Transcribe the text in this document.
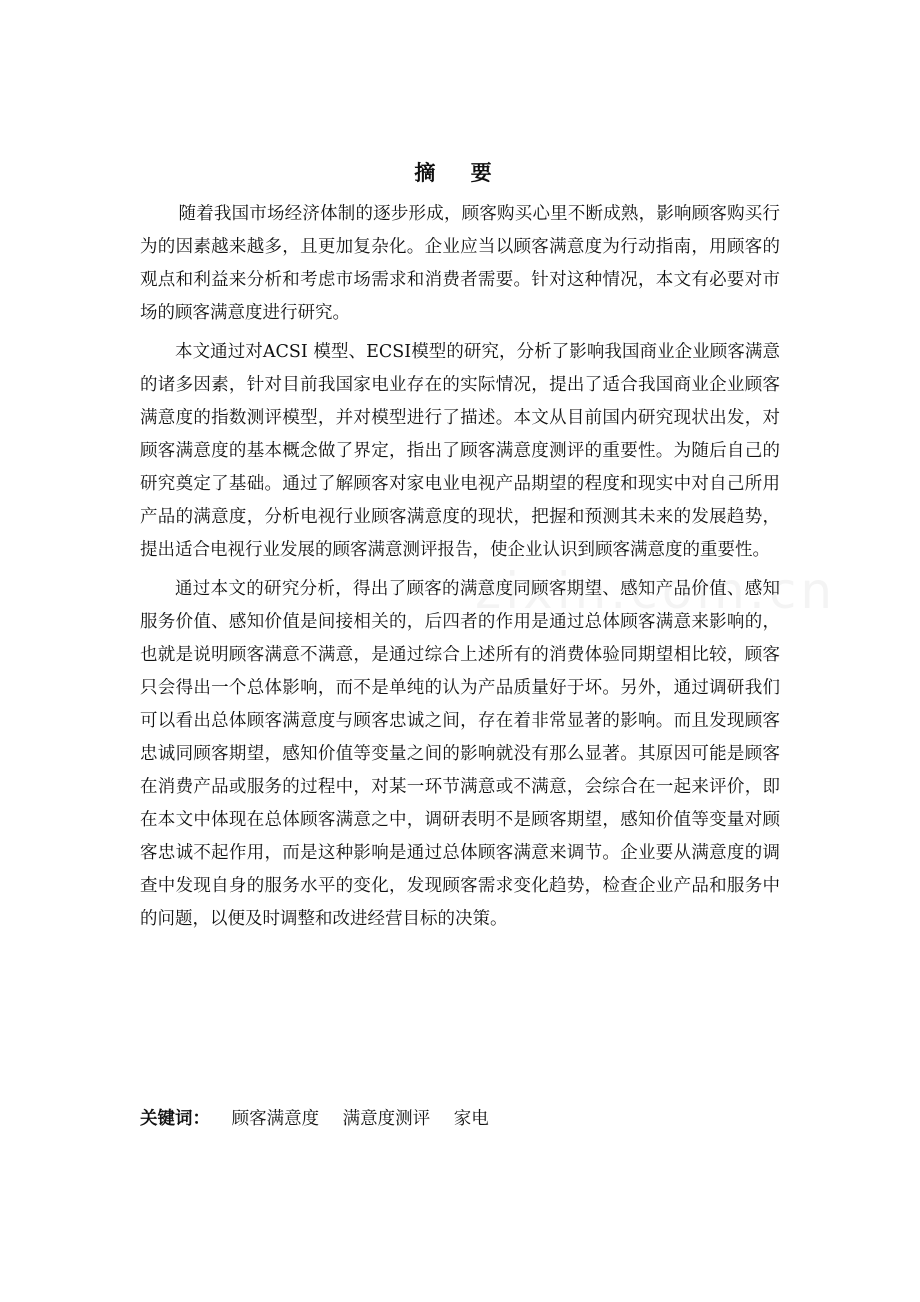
摘 要

随着我国市场经济体制的逐步形成，顾客购买心里不断成熟，影响顾客购买行为的因素越来越多，且更加复杂化。企业应当以顾客满意度为行动指南，用顾客的观点和利益来分析和考虑市场需求和消费者需要。针对这种情况，本文有必要对市场的顾客满意度进行研究。

本文通过对ACSI 模型、ECSI模型的研究，分析了影响我国商业企业顾客满意的诸多因素，针对目前我国家电业存在的实际情况，提出了适合我国商业企业顾客满意度的指数测评模型，并对模型进行了描述。本文从目前国内研究现状出发，对顾客满意度的基本概念做了界定，指出了顾客满意度测评的重要性。为随后自己的研究奠定了基础。通过了解顾客对家电业电视产品期望的程度和现实中对自己所用产品的满意度，分析电视行业顾客满意度的现状，把握和预测其未来的发展趋势，提出适合电视行业发展的顾客满意测评报告，使企业认识到顾客满意度的重要性。

通过本文的研究分析，得出了顾客的满意度同顾客期望、感知产品价值、感知服务价值、感知价值是间接相关的，后四者的作用是通过总体顾客满意来影响的，也就是说明顾客满意不满意，是通过综合上述所有的消费体验同期望相比较，顾客只会得出一个总体影响，而不是单纯的认为产品质量好于坏。另外，通过调研我们可以看出总体顾客满意度与顾客忠诚之间，存在着非常显著的影响。而且发现顾客忠诚同顾客期望，感知价值等变量之间的影响就没有那么显著。其原因可能是顾客在消费产品或服务的过程中，对某一环节满意或不满意，会综合在一起来评价，即在本文中体现在总体顾客满意之中，调研表明不是顾客期望，感知价值等变量对顾客忠诚不起作用，而是这种影响是通过总体顾客满意来调节。企业要从满意度的调查中发现自身的服务水平的变化，发现顾客需求变化趋势，检查企业产品和服务中的问题，以便及时调整和改进经营目标的决策。

关键词： 顾客满意度 满意度测评 家电
